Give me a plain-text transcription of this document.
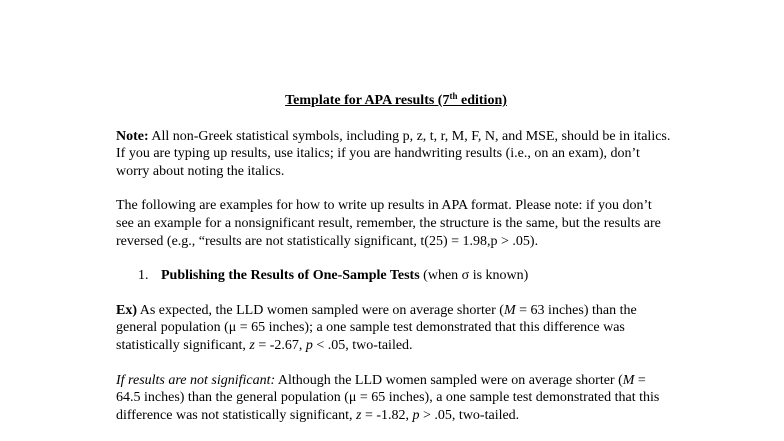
Template for APA results (7th edition)

Note: All non-Greek statistical symbols, including p, z, t, r, M, F, N, and MSE, should be in italics. If you are typing up results, use italics; if you are handwriting results (i.e., on an exam), don’t worry about noting the italics.

The following are examples for how to write up results in APA format. Please note: if you don’t see an example for a nonsignificant result, remember, the structure is the same, but the results are reversed (e.g., “results are not statistically significant, t(25) = 1.98,p > .05).

1. Publishing the Results of One-Sample Tests (when σ is known)

Ex) As expected, the LLD women sampled were on average shorter (M = 63 inches) than the general population (μ = 65 inches); a one sample test demonstrated that this difference was statistically significant, z = -2.67, p < .05, two-tailed.

If results are not significant: Although the LLD women sampled were on average shorter (M = 64.5 inches) than the general population (μ = 65 inches), a one sample test demonstrated that this difference was not statistically significant, z = -1.82, p > .05, two-tailed.
